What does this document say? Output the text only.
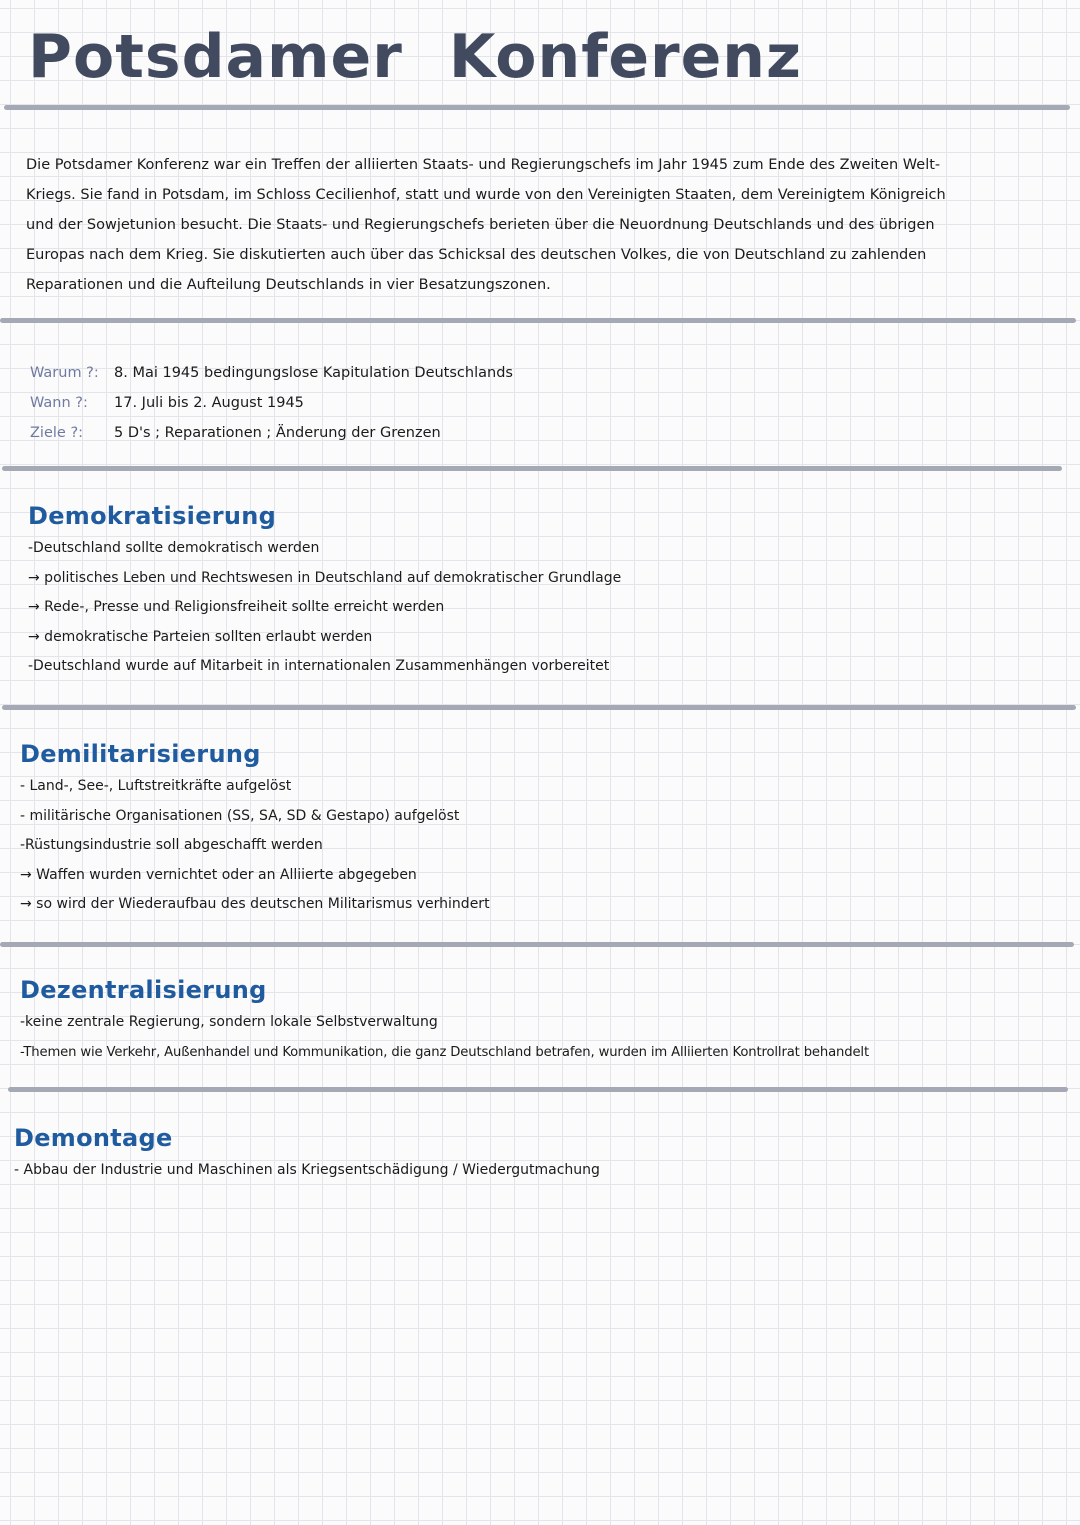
Potsdamer Konferenz

Die Potsdamer Konferenz war ein Treffen der alliierten Staats- und Regierungschefs im Jahr 1945 zum Ende des Zweiten Welt-

Kriegs. Sie fand in Potsdam, im Schloss Cecilienhof, statt und wurde von den Vereinigten Staaten, dem Vereinigtem Königreich

und der Sowjetunion besucht. Die Staats- und Regierungschefs berieten über die Neuordnung Deutschlands und des übrigen

Europas nach dem Krieg. Sie diskutierten auch über das Schicksal des deutschen Volkes, die von Deutschland zu zahlenden

Reparationen und die Aufteilung Deutschlands in vier Besatzungszonen.

Warum ?:	8. Mai 1945 bedingungslose Kapitulation Deutschlands
Wann ?:	17. Juli bis 2. August 1945
Ziele ?:	5 D's ; Reparationen ; Änderung der Grenzen
Demokratisierung
-Deutschland sollte demokratisch werden
→ politisches Leben und Rechtswesen in Deutschland auf demokratischer Grundlage
→ Rede-, Presse und Religionsfreiheit sollte erreicht werden
→ demokratische Parteien sollten erlaubt werden
-Deutschland wurde auf Mitarbeit in internationalen Zusammenhängen vorbereitet
Demilitarisierung
- Land-, See-, Luftstreitkräfte aufgelöst
- militärische Organisationen (SS, SA, SD & Gestapo) aufgelöst
-Rüstungsindustrie soll abgeschafft werden
→ Waffen wurden vernichtet oder an Alliierte abgegeben
→ so wird der Wiederaufbau des deutschen Militarismus verhindert
Dezentralisierung
-keine zentrale Regierung, sondern lokale Selbstverwaltung
-Themen wie Verkehr, Außenhandel und Kommunikation, die ganz Deutschland betrafen, wurden im Alliierten Kontrollrat behandelt
Demontage
- Abbau der Industrie und Maschinen als Kriegsentschädigung / Wiedergutmachung
